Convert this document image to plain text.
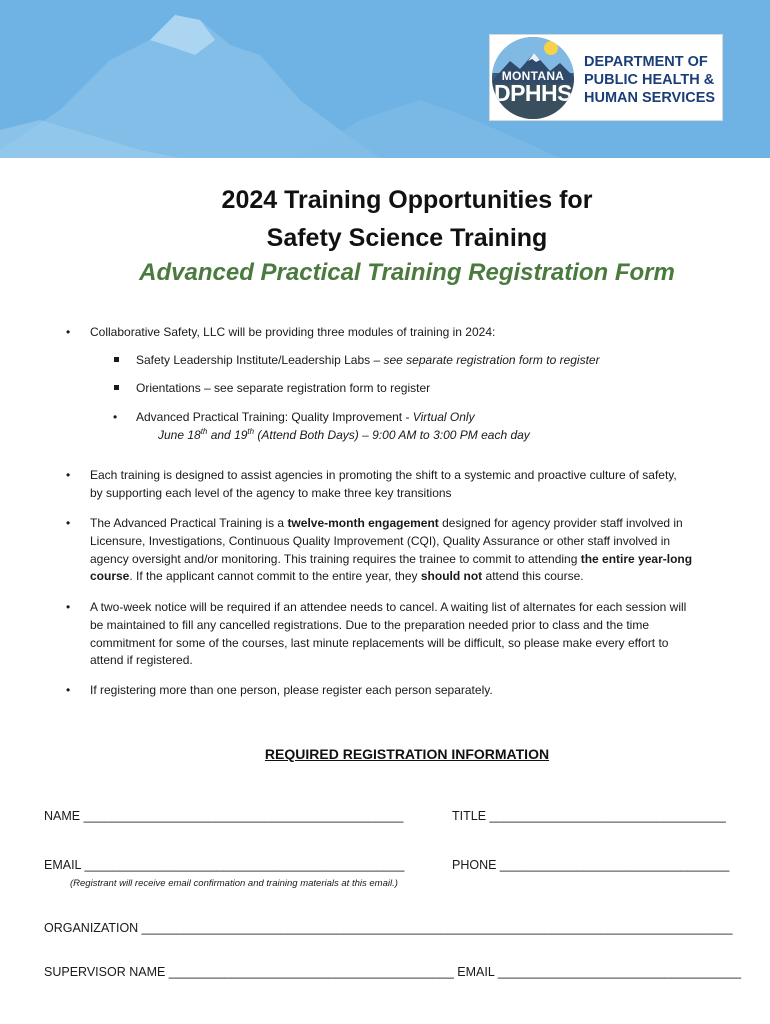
MONTANA
DPHHS
DEPARTMENT OF
PUBLIC HEALTH &
HUMAN SERVICES
2024 Training Opportunities for
Safety Science Training
Advanced Practical Training Registration Form
• Collaborative Safety, LLC will be providing three modules of training in 2024:
Safety Leadership Institute/Leadership Labs – see separate registration form to register
Orientations – see separate registration form to register
• Advanced Practical Training: Quality Improvement - Virtual Only
June 18th and 19th (Attend Both Days) – 9:00 AM to 3:00 PM each day
• Each training is designed to assist agencies in promoting the shift to a systemic and proactive culture of safety,
by supporting each level of the agency to make three key transitions
• The Advanced Practical Training is a twelve-month engagement designed for agency provider staff involved in
Licensure, Investigations, Continuous Quality Improvement (CQI), Quality Assurance or other staff involved in
agency oversight and/or monitoring. This training requires the trainee to commit to attending the entire year-long
course. If the applicant cannot commit to the entire year, they should not attend this course.
• A two-week notice will be required if an attendee needs to cancel. A waiting list of alternates for each session will
be maintained to fill any cancelled registrations. Due to the preparation needed prior to class and the time
commitment for some of the courses, last minute replacements will be difficult, so please make every effort to
attend if registered.
• If registering more than one person, please register each person separately.
REQUIRED REGISTRATION INFORMATION
NAME ______________________________________________	TITLE __________________________________
EMAIL ______________________________________________	PHONE _________________________________
(Registrant will receive email confirmation and training materials at this email.)
ORGANIZATION _____________________________________________________________________________________
SUPERVISOR NAME _________________________________________ EMAIL ___________________________________
